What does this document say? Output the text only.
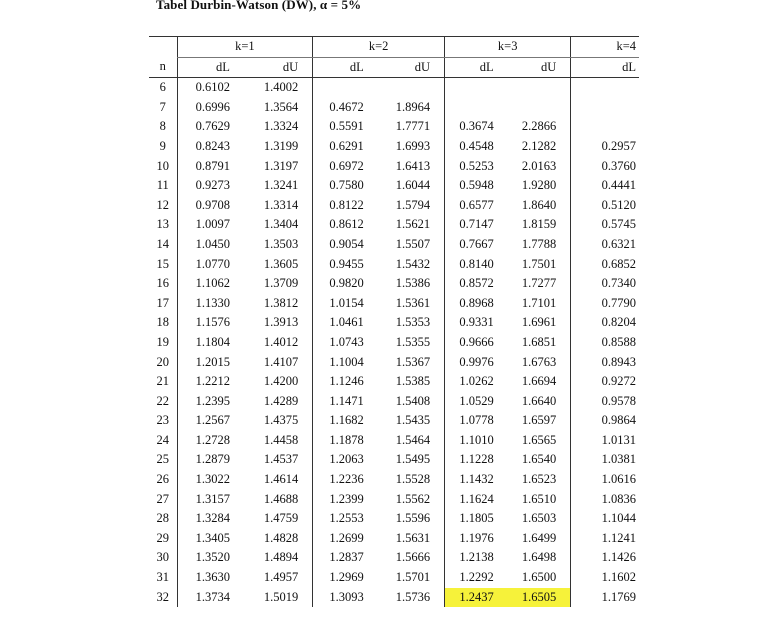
Tabel Durbin-Watson (DW), α = 5%
	k=1		k=2		k=3		k=4
n	dL	dU	dL	dU	dL	dU	dL
6	0.6102	1.4002					
7	0.6996	1.3564	0.4672	1.8964			
8	0.7629	1.3324	0.5591	1.7771	0.3674	2.2866	
9	0.8243	1.3199	0.6291	1.6993	0.4548	2.1282	0.2957
10	0.8791	1.3197	0.6972	1.6413	0.5253	2.0163	0.3760
11	0.9273	1.3241	0.7580	1.6044	0.5948	1.9280	0.4441
12	0.9708	1.3314	0.8122	1.5794	0.6577	1.8640	0.5120
13	1.0097	1.3404	0.8612	1.5621	0.7147	1.8159	0.5745
14	1.0450	1.3503	0.9054	1.5507	0.7667	1.7788	0.6321
15	1.0770	1.3605	0.9455	1.5432	0.8140	1.7501	0.6852
16	1.1062	1.3709	0.9820	1.5386	0.8572	1.7277	0.7340
17	1.1330	1.3812	1.0154	1.5361	0.8968	1.7101	0.7790
18	1.1576	1.3913	1.0461	1.5353	0.9331	1.6961	0.8204
19	1.1804	1.4012	1.0743	1.5355	0.9666	1.6851	0.8588
20	1.2015	1.4107	1.1004	1.5367	0.9976	1.6763	0.8943
21	1.2212	1.4200	1.1246	1.5385	1.0262	1.6694	0.9272
22	1.2395	1.4289	1.1471	1.5408	1.0529	1.6640	0.9578
23	1.2567	1.4375	1.1682	1.5435	1.0778	1.6597	0.9864
24	1.2728	1.4458	1.1878	1.5464	1.1010	1.6565	1.0131
25	1.2879	1.4537	1.2063	1.5495	1.1228	1.6540	1.0381
26	1.3022	1.4614	1.2236	1.5528	1.1432	1.6523	1.0616
27	1.3157	1.4688	1.2399	1.5562	1.1624	1.6510	1.0836
28	1.3284	1.4759	1.2553	1.5596	1.1805	1.6503	1.1044
29	1.3405	1.4828	1.2699	1.5631	1.1976	1.6499	1.1241
30	1.3520	1.4894	1.2837	1.5666	1.2138	1.6498	1.1426
31	1.3630	1.4957	1.2969	1.5701	1.2292	1.6500	1.1602
32	1.3734	1.5019	1.3093	1.5736	1.2437	1.6505	1.1769
